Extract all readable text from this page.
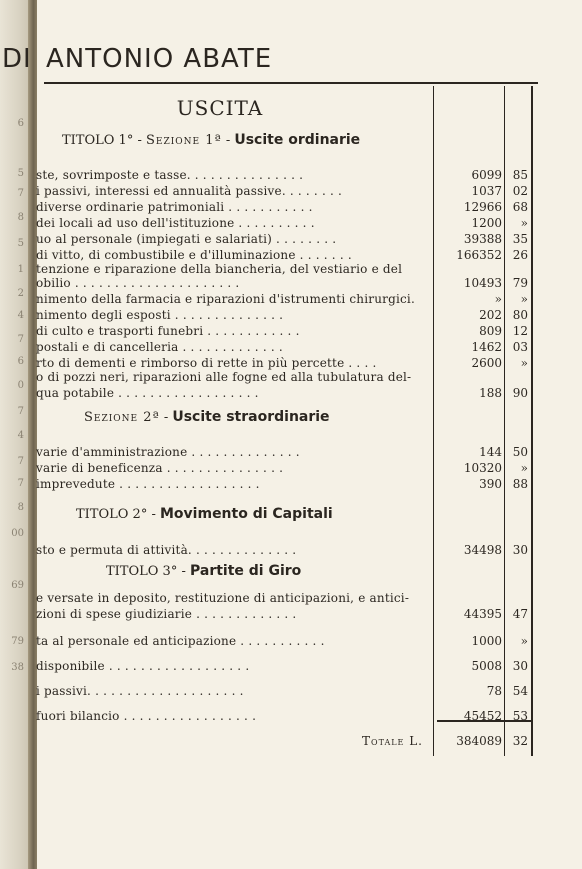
6
5
7
8
5
1
2
4
7
6
0
7
4
7
7
8
00
69
79
38
DI ANTONIO ABATE
USCITA
TITOLO 1° - Sezione 1ª - Uscite ordinarie
Sezione 2ª - Uscite straordinarie
TITOLO 2° - Movimento di Capitali
TITOLO 3° - Partite di Giro
ste, sovrimposte e tasse. . . . . . . . . . . . . . .	6099 85
i passivi, interessi ed annualità passive. . . . . . . .	1037 02
diverse ordinarie patrimoniali . . . . . . . . . . .	12966 68
dei locali ad uso dell'istituzione . . . . . . . . . .	1200	»
uo al personale (impiegati e salariati) . . . . . . . .	39388 35
di vitto, di combustibile e d'illuminazione . . . . . . .	166352 26
tenzione e riparazione della biancheria, del vestiario e del
obilio . . . . . . . . . . . . . . . . . . . . .	10493 79
nimento della farmacia e riparazioni d'istrumenti chirurgici.	»	»
nimento degli esposti . . . . . . . . . . . . . .	202 80
di culto e trasporti funebri . . . . . . . . . . . .	809 12
postali e di cancelleria . . . . . . . . . . . . .	1462 03
rto di dementi e rimborso di rette in più percette . . . .	2600	»
o di pozzi neri, riparazioni alle fogne ed alla tubulatura del-
qua potabile . . . . . . . . . . . . . . . . . .	188 90
varie d'amministrazione . . . . . . . . . . . . . .	144 50
varie di beneficenza . . . . . . . . . . . . . . .	10320	»
imprevedute . . . . . . . . . . . . . . . . . .	390 88
sto e permuta di attività. . . . . . . . . . . . . .	34498 30
e versate in deposito, restituzione di anticipazioni, e antici-
zioni di spese giudiziarie . . . . . . . . . . . . .	44395 47
ta al personale ed anticipazione . . . . . . . . . . .	1000	»
disponibile . . . . . . . . . . . . . . . . . .	5008 30
i passivi. . . . . . . . . . . . . . . . . . . .	78 54
fuori bilancio . . . . . . . . . . . . . . . . .	45452 53
Totale L.	384089 32
